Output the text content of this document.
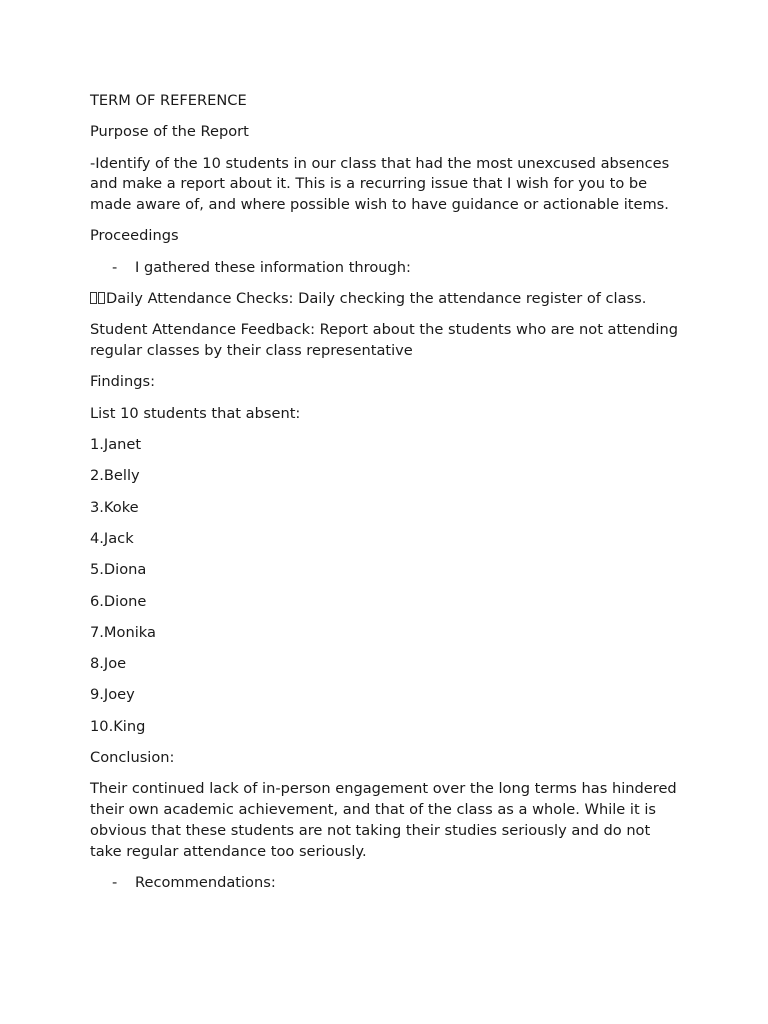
TERM OF REFERENCE

Purpose of the Report

-Identify of the 10 students in our class that had the most unexcused absences and make a report about it. This is a recurring issue that I wish for you to be made aware of, and where possible wish to have guidance or actionable items.

Proceedings

-	I gathered these information through:

Daily Attendance Checks: Daily checking the attendance register of class.

Student Attendance Feedback: Report about the students who are not attending regular classes by their class representative

Findings:

List 10 students that absent:

1.Janet

2.Belly

3.Koke

4.Jack

5.Diona

6.Dione

7.Monika

8.Joe

9.Joey

10.King

Conclusion:

Their continued lack of in-person engagement over the long terms has hindered their own academic achievement, and that of the class as a whole. While it is obvious that these students are not taking their studies seriously and do not take regular attendance too seriously.

-	Recommendations:
